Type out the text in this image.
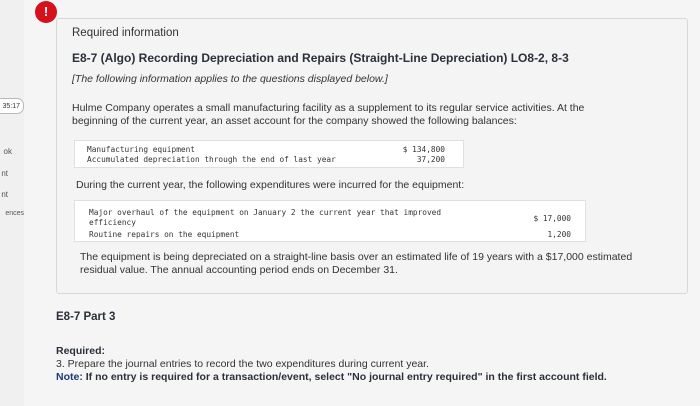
35:17
ok
nt
nt
ences
!
Required information
E8-7 (Algo) Recording Depreciation and Repairs (Straight-Line Depreciation) LO8-2, 8-3
[The following information applies to the questions displayed below.]
Hulme Company operates a small manufacturing facility as a supplement to its regular service activities. At the beginning of the current year, an asset account for the company showed the following balances:
Manufacturing equipment	$ 134,800
Accumulated depreciation through the end of last year	37,200
During the current year, the following expenditures were incurred for the equipment:
Major overhaul of the equipment on January 2 the current year that improved
efficiency	$ 17,000
Routine repairs on the equipment	1,200
The equipment is being depreciated on a straight-line basis over an estimated life of 19 years with a $17,000 estimated residual value. The annual accounting period ends on December 31.
E8-7 Part 3
Required:
3. Prepare the journal entries to record the two expenditures during current year.
Note: If no entry is required for a transaction/event, select "No journal entry required" in the first account field.
